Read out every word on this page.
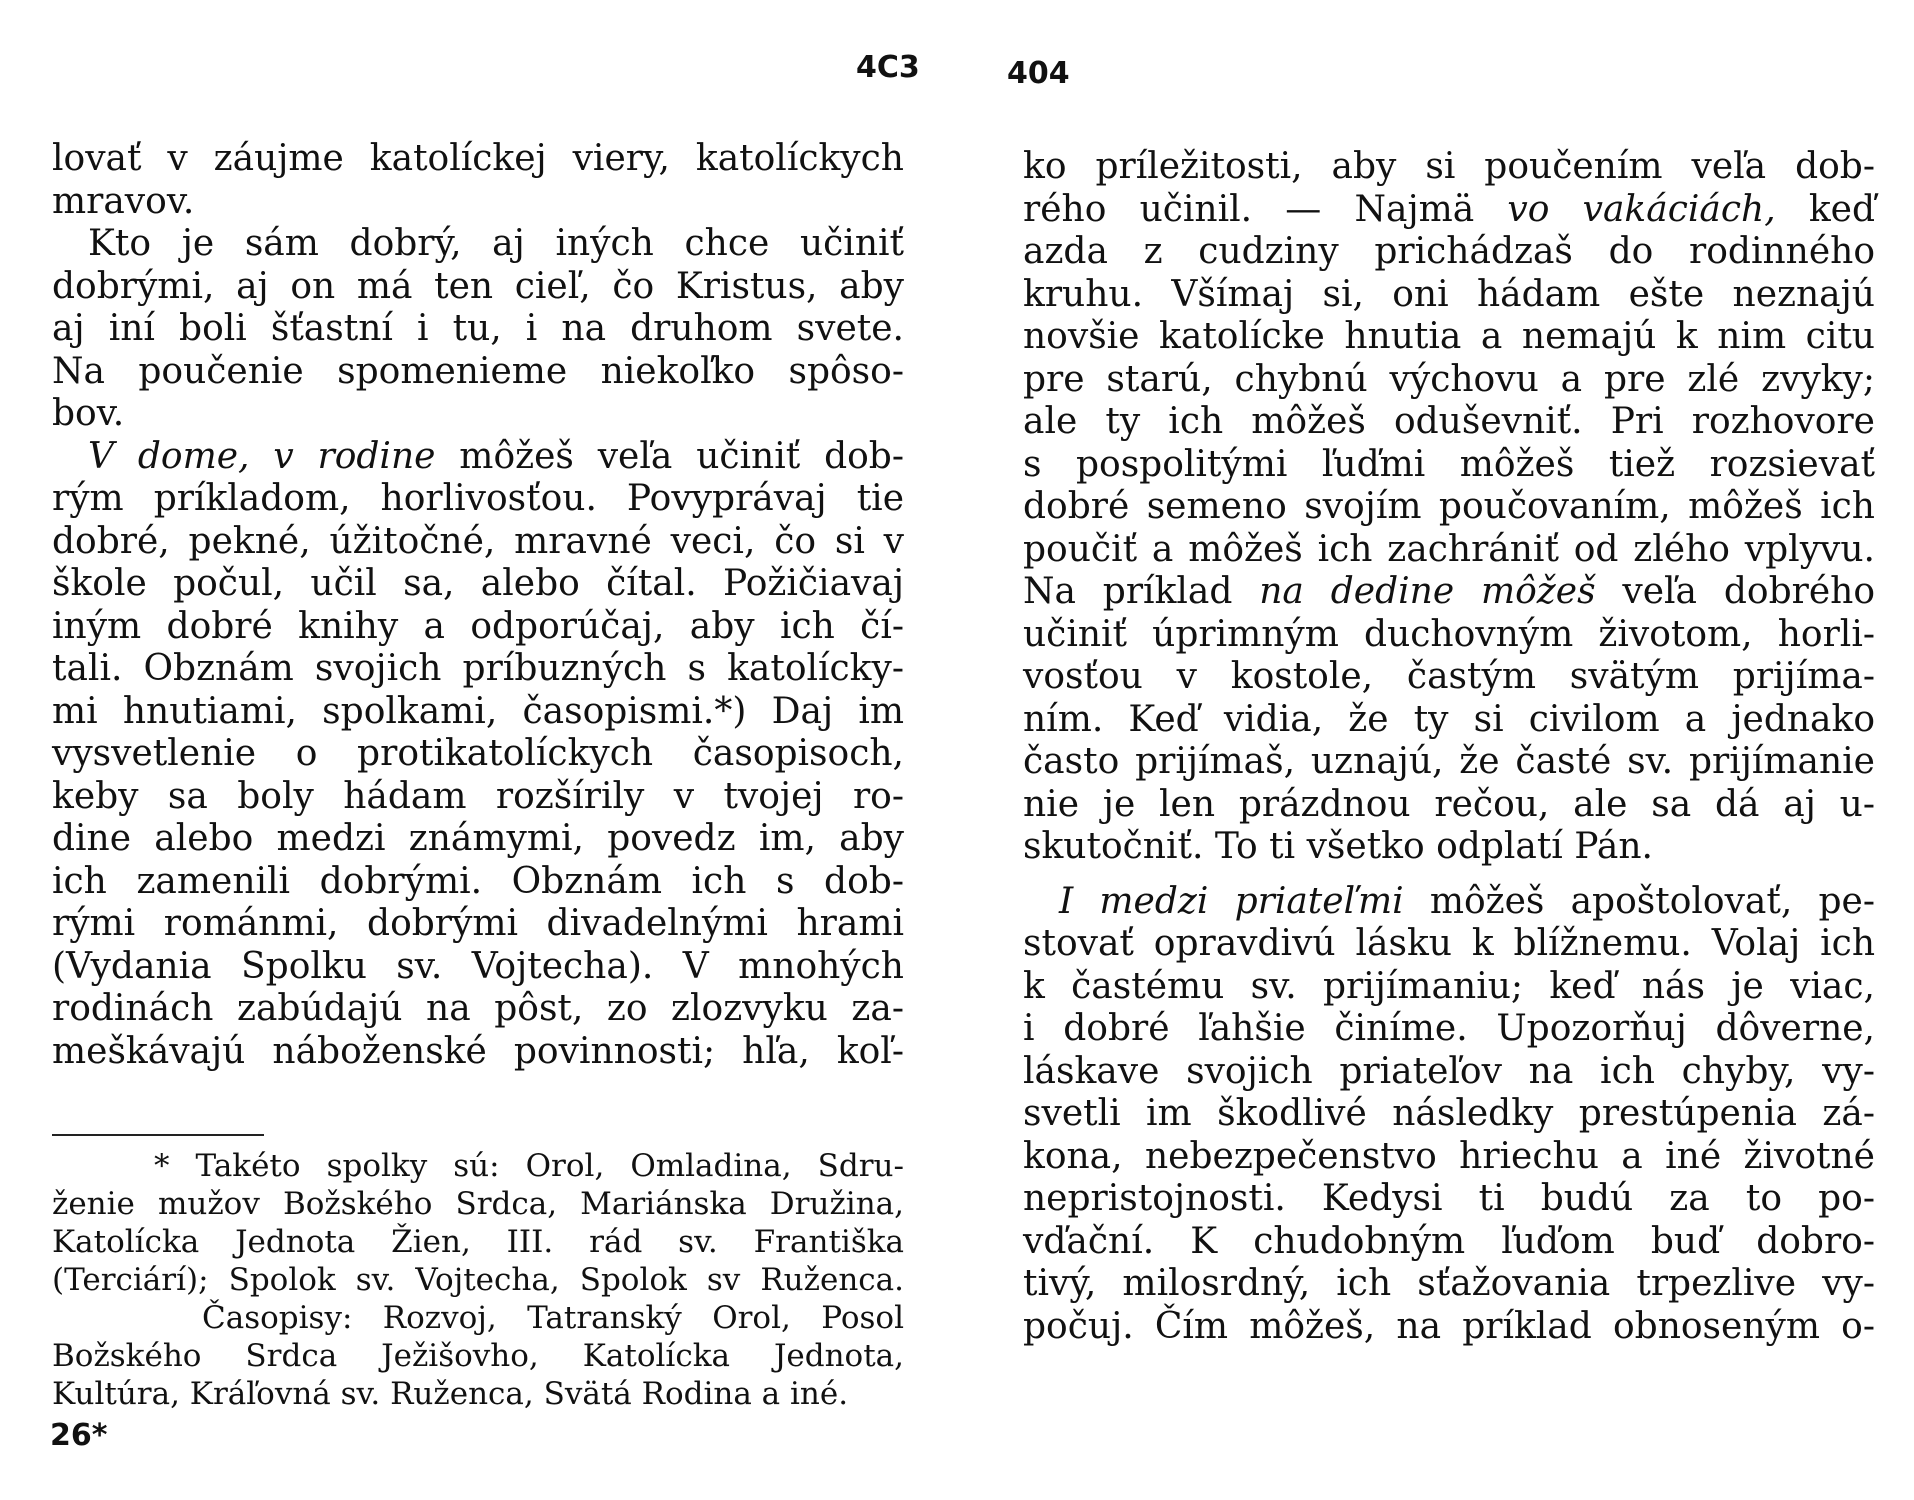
4C3
lovať v záujme katolíckej viery, katolíckych
mravov.
Kto je sám dobrý, aj iných chce učiniť
dobrými, aj on má ten cieľ, čo Kristus, aby
aj iní boli šťastní i tu, i na druhom svete.
Na poučenie spomenieme niekoľko spôso-
bov.
V dome, v rodine môžeš veľa učiniť dob-
rým príkladom, horlivosťou. Povyprávaj tie
dobré, pekné, úžitočné, mravné veci, čo si v
škole počul, učil sa, alebo čítal. Požičiavaj
iným dobré knihy a odporúčaj, aby ich čí-
tali. Obznám svojich príbuzných s katolícky-
mi hnutiami, spolkami, časopismi.*) Daj im
vysvetlenie o protikatolíckych časopisoch,
keby sa boly hádam rozšírily v tvojej ro-
dine alebo medzi známymi, povedz im, aby
ich zamenili dobrými. Obznám ich s dob-
rými románmi, dobrými divadelnými hrami
(Vydania Spolku sv. Vojtecha). V mnohých
rodinách zabúdajú na pôst, zo zlozvyku za-
meškávajú náboženské povinnosti; hľa, koľ-
* Takéto spolky sú: Orol, Omladina, Sdru-
ženie mužov Božského Srdca, Mariánska Družina,
Katolícka Jednota Žien, III. rád sv. Františka
(Terciárí); Spolok sv. Vojtecha, Spolok sv Ruženca.
Časopisy: Rozvoj, Tatranský Orol, Posol
Božského Srdca Ježišovho, Katolícka Jednota,
Kultúra, Kráľovná sv. Ruženca, Svätá Rodina a iné.
26*
404
ko príležitosti, aby si poučením veľa dob-
rého učinil. — Najmä vo vakáciách, keď
azda z cudziny prichádzaš do rodinného
kruhu. Všímaj si, oni hádam ešte neznajú
novšie katolícke hnutia a nemajú k nim citu
pre starú, chybnú výchovu a pre zlé zvyky;
ale ty ich môžeš oduševniť. Pri rozhovore
s pospolitými ľuďmi môžeš tiež rozsievať
dobré semeno svojím poučovaním, môžeš ich
poučiť a môžeš ich zachrániť od zlého vplyvu.
Na príklad na dedine môžeš veľa dobrého
učiniť úprimným duchovným životom, horli-
vosťou v kostole, častým svätým prijíma-
ním. Keď vidia, že ty si civilom a jednako
často prijímaš, uznajú, že časté sv. prijímanie
nie je len prázdnou rečou, ale sa dá aj u-
skutočniť. To ti všetko odplatí Pán.
I medzi priateľmi môžeš apoštolovať, pe-
stovať opravdivú lásku k blížnemu. Volaj ich
k častému sv. prijímaniu; keď nás je viac,
i dobré ľahšie činíme. Upozorňuj dôverne,
láskave svojich priateľov na ich chyby, vy-
svetli im škodlivé následky prestúpenia zá-
kona, nebezpečenstvo hriechu a iné životné
nepristojnosti. Kedysi ti budú za to po-
vďační. K chudobným ľuďom buď dobro-
tivý, milosrdný, ich sťažovania trpezlive vy-
počuj. Čím môžeš, na príklad obnoseným o-
